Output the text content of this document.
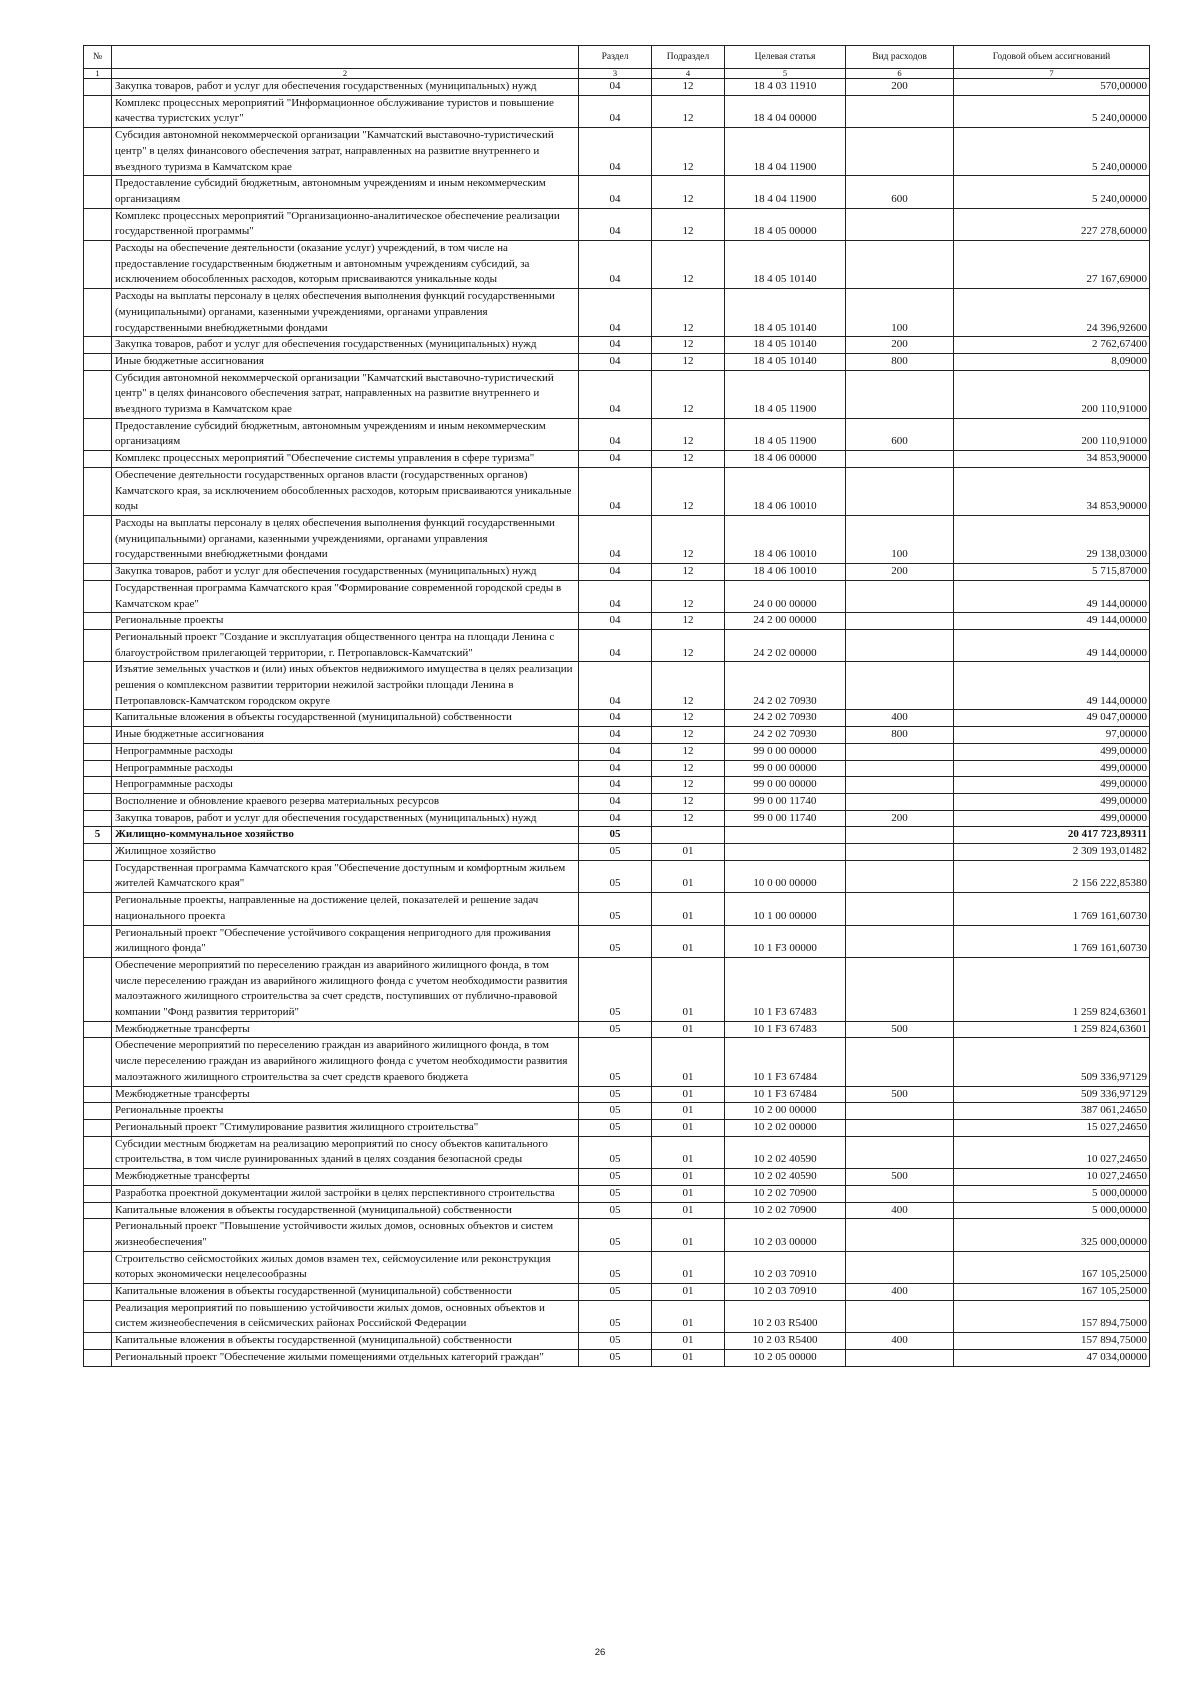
№		Раздел	Подраздел	Целевая статья	Вид расходов	Годовой объем ассигнований
1	2	3	4	5	6	7
	Закупка товаров, работ и услуг для обеспечения государственных (муниципальных) нужд	04	12	18 4 03 11910	200	570,00000
	Комплекс процессных мероприятий "Информационное обслуживание туристов и повышение качества туристских услуг"	04	12	18 4 04 00000		5 240,00000
	Субсидия автономной некоммерческой организации "Камчатский выставочно-туристический центр" в целях финансового обеспечения затрат, направленных на развитие внутреннего и въездного туризма в Камчатском крае	04	12	18 4 04 11900		5 240,00000
	Предоставление субсидий бюджетным, автономным учреждениям и иным некоммерческим организациям	04	12	18 4 04 11900	600	5 240,00000
	Комплекс процессных мероприятий "Организационно-аналитическое обеспечение реализации государственной программы"	04	12	18 4 05 00000		227 278,60000
	Расходы на обеспечение деятельности (оказание услуг) учреждений, в том числе на предоставление государственным бюджетным и автономным учреждениям субсидий, за исключением обособленных расходов, которым присваиваются уникальные коды	04	12	18 4 05 10140		27 167,69000
	Расходы на выплаты персоналу в целях обеспечения выполнения функций государственными (муниципальными) органами, казенными учреждениями, органами управления государственными внебюджетными фондами	04	12	18 4 05 10140	100	24 396,92600
	Закупка товаров, работ и услуг для обеспечения государственных (муниципальных) нужд	04	12	18 4 05 10140	200	2 762,67400
	Иные бюджетные ассигнования	04	12	18 4 05 10140	800	8,09000
	Субсидия автономной некоммерческой организации "Камчатский выставочно-туристический центр" в целях финансового обеспечения затрат, направленных на развитие внутреннего и въездного туризма в Камчатском крае	04	12	18 4 05 11900		200 110,91000
	Предоставление субсидий бюджетным, автономным учреждениям и иным некоммерческим организациям	04	12	18 4 05 11900	600	200 110,91000
	Комплекс процессных мероприятий "Обеспечение системы управления в сфере туризма"	04	12	18 4 06 00000		34 853,90000
	Обеспечение деятельности государственных органов власти (государственных органов) Камчатского края, за исключением обособленных расходов, которым присваиваются уникальные коды	04	12	18 4 06 10010		34 853,90000
	Расходы на выплаты персоналу в целях обеспечения выполнения функций государственными (муниципальными) органами, казенными учреждениями, органами управления государственными внебюджетными фондами	04	12	18 4 06 10010	100	29 138,03000
	Закупка товаров, работ и услуг для обеспечения государственных (муниципальных) нужд	04	12	18 4 06 10010	200	5 715,87000
	Государственная программа Камчатского края "Формирование современной городской среды в Камчатском крае"	04	12	24 0 00 00000		49 144,00000
	Региональные проекты	04	12	24 2 00 00000		49 144,00000
	Региональный проект "Создание и эксплуатация общественного центра на площади Ленина с благоустройством прилегающей территории, г. Петропавловск-Камчатский"	04	12	24 2 02 00000		49 144,00000
	Изъятие земельных участков и (или) иных объектов недвижимого имущества в целях реализации решения о комплексном развитии территории нежилой застройки площади Ленина в Петропавловск-Камчатском городском округе	04	12	24 2 02 70930		49 144,00000
	Капитальные вложения в объекты государственной (муниципальной) собственности	04	12	24 2 02 70930	400	49 047,00000
	Иные бюджетные ассигнования	04	12	24 2 02 70930	800	97,00000
	Непрограммные расходы	04	12	99 0 00 00000		499,00000
	Непрограммные расходы	04	12	99 0 00 00000		499,00000
	Непрограммные расходы	04	12	99 0 00 00000		499,00000
	Восполнение и обновление краевого резерва материальных ресурсов	04	12	99 0 00 11740		499,00000
	Закупка товаров, работ и услуг для обеспечения государственных (муниципальных) нужд	04	12	99 0 00 11740	200	499,00000
5	Жилищно-коммунальное хозяйство	05				20 417 723,89311
	Жилищное хозяйство	05	01			2 309 193,01482
	Государственная программа Камчатского края "Обеспечение доступным и комфортным жильем жителей Камчатского края"	05	01	10 0 00 00000		2 156 222,85380
	Региональные проекты, направленные на достижение целей, показателей и решение задач национального проекта	05	01	10 1 00 00000		1 769 161,60730
	Региональный проект "Обеспечение устойчивого сокращения непригодного для проживания жилищного фонда"	05	01	10 1 F3 00000		1 769 161,60730
	Обеспечение мероприятий по переселению граждан из аварийного жилищного фонда, в том числе переселению граждан из аварийного жилищного фонда с учетом необходимости развития малоэтажного жилищного строительства за счет средств, поступивших от публично-правовой компании "Фонд развития территорий"	05	01	10 1 F3 67483		1 259 824,63601
	Межбюджетные трансферты	05	01	10 1 F3 67483	500	1 259 824,63601
	Обеспечение мероприятий по переселению граждан из аварийного жилищного фонда, в том числе переселению граждан из аварийного жилищного фонда с учетом необходимости развития малоэтажного жилищного строительства за счет средств краевого бюджета	05	01	10 1 F3 67484		509 336,97129
	Межбюджетные трансферты	05	01	10 1 F3 67484	500	509 336,97129
	Региональные проекты	05	01	10 2 00 00000		387 061,24650
	Региональный проект "Стимулирование развития жилищного строительства"	05	01	10 2 02 00000		15 027,24650
	Субсидии местным бюджетам на реализацию мероприятий по сносу объектов капитального строительства, в том числе руинированных зданий в целях создания безопасной среды	05	01	10 2 02 40590		10 027,24650
	Межбюджетные трансферты	05	01	10 2 02 40590	500	10 027,24650
	Разработка проектной документации жилой застройки в целях перспективного строительства	05	01	10 2 02 70900		5 000,00000
	Капитальные вложения в объекты государственной (муниципальной) собственности	05	01	10 2 02 70900	400	5 000,00000
	Региональный проект "Повышение устойчивости жилых домов, основных объектов и систем жизнеобеспечения"	05	01	10 2 03 00000		325 000,00000
	Строительство сейсмостойких жилых домов взамен тех, сейсмоусиление или реконструкция которых экономически нецелесообразны	05	01	10 2 03 70910		167 105,25000
	Капитальные вложения в объекты государственной (муниципальной) собственности	05	01	10 2 03 70910	400	167 105,25000
	Реализация мероприятий по повышению устойчивости жилых домов, основных объектов и систем жизнеобеспечения в сейсмических районах Российской Федерации	05	01	10 2 03 R5400		157 894,75000
	Капитальные вложения в объекты государственной (муниципальной) собственности	05	01	10 2 03 R5400	400	157 894,75000
	Региональный проект "Обеспечение жилыми помещениями отдельных категорий граждан"	05	01	10 2 05 00000		47 034,00000
26
